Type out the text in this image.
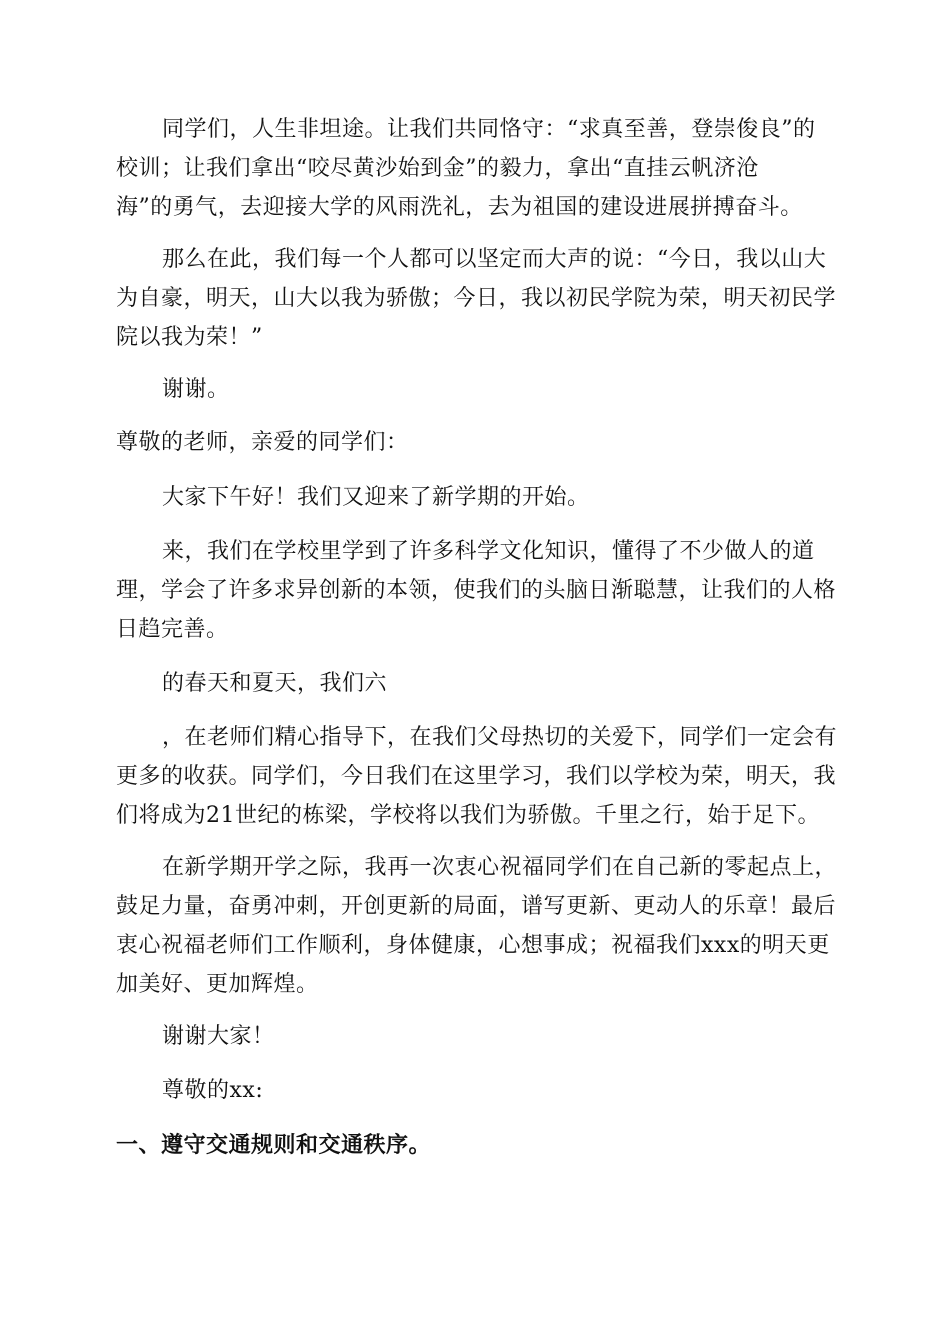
同学们，人生非坦途。让我们共同恪守：“求真至善，登崇俊良”的
校训；让我们拿出“咬尽黄沙始到金”的毅力，拿出“直挂云帆济沧
海”的勇气，去迎接大学的风雨洗礼，去为祖国的建设进展拼搏奋斗。
那么在此，我们每一个人都可以坚定而大声的说：“今日，我以山大
为自豪，明天，山大以我为骄傲；今日，我以初民学院为荣，明天初民学
院以我为荣！”
谢谢。
尊敬的老师，亲爱的同学们：
大家下午好！我们又迎来了新学期的开始。
来，我们在学校里学到了许多科学文化知识，懂得了不少做人的道
理，学会了许多求异创新的本领，使我们的头脑日渐聪慧，让我们的人格
日趋完善。
的春天和夏天，我们六
，在老师们精心指导下，在我们父母热切的关爱下，同学们一定会有
更多的收获。同学们，今日我们在这里学习，我们以学校为荣，明天，我
们将成为21世纪的栋梁，学校将以我们为骄傲。千里之行，始于足下。
在新学期开学之际，我再一次衷心祝福同学们在自己新的零起点上，
鼓足力量，奋勇冲刺，开创更新的局面，谱写更新、更动人的乐章！最后
衷心祝福老师们工作顺利，身体健康，心想事成；祝福我们xxx的明天更
加美好、更加辉煌。
谢谢大家！
尊敬的xx:
一、遵守交通规则和交通秩序。
